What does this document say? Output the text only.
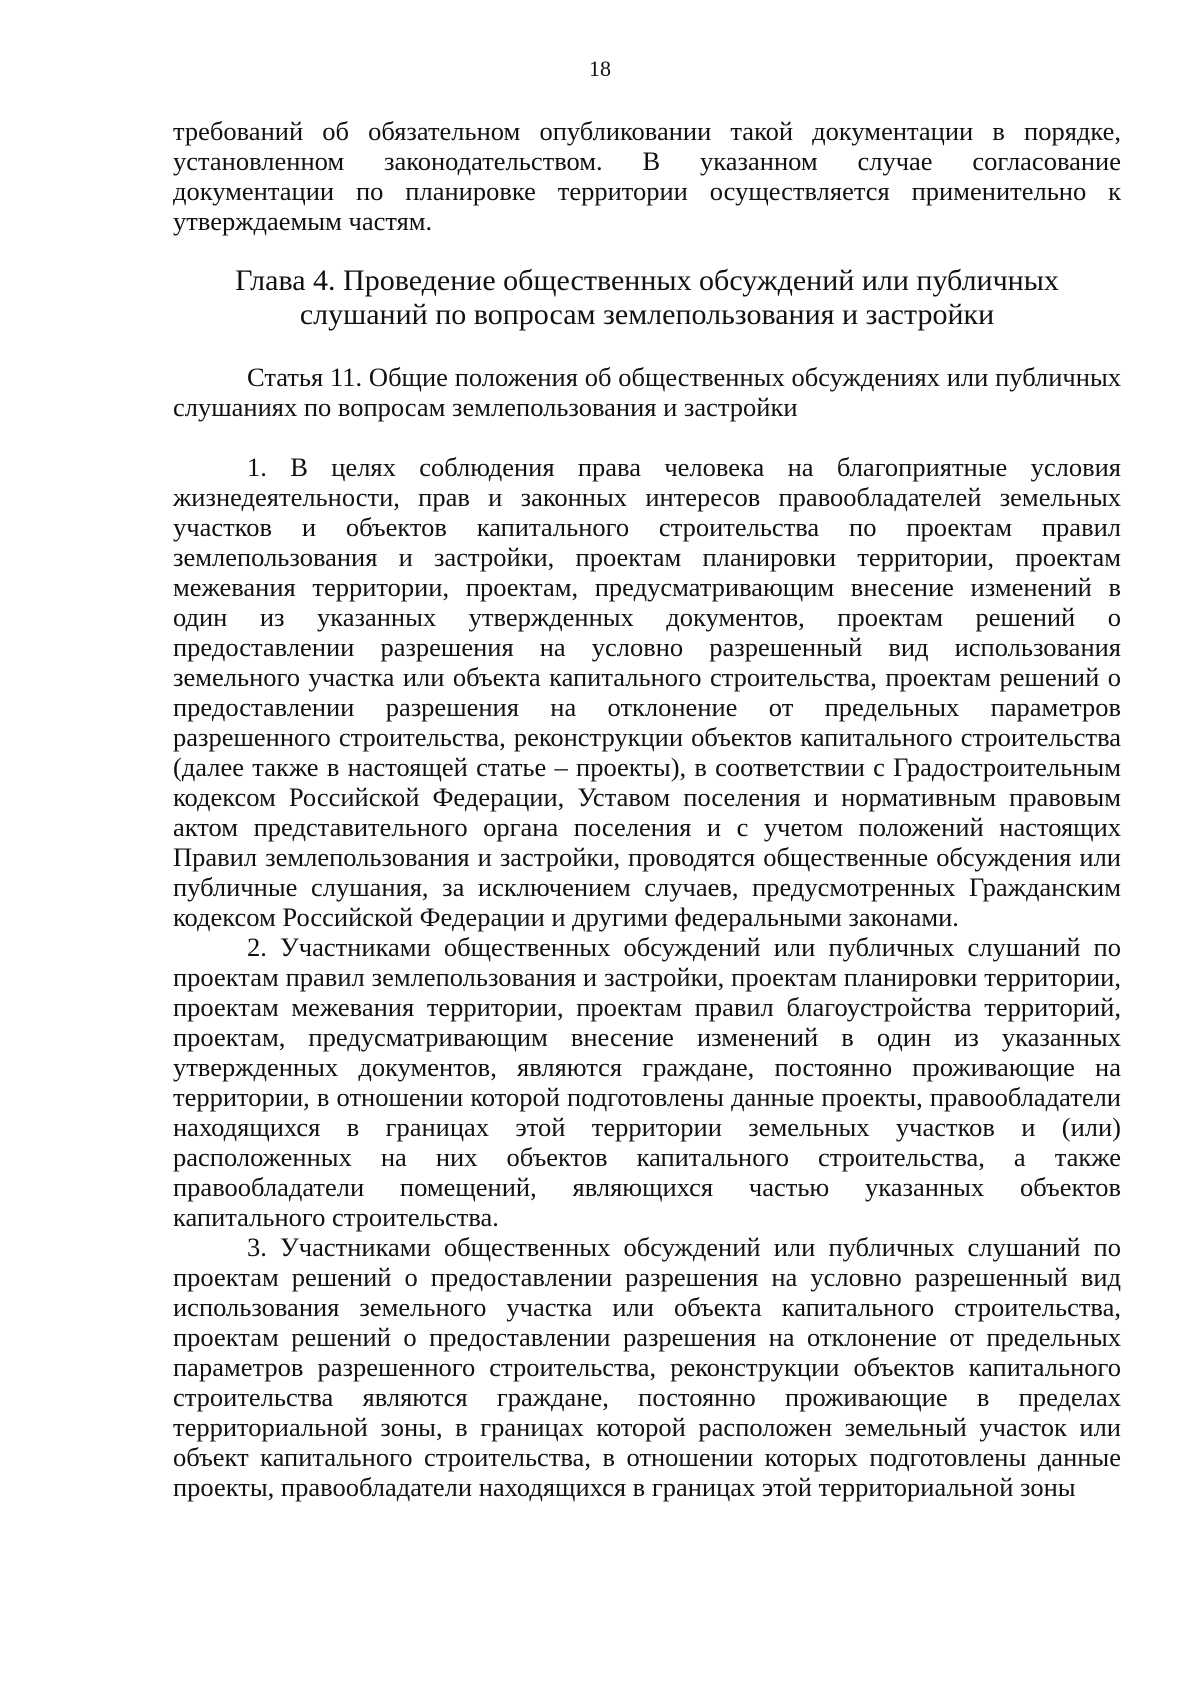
18

требований об обязательном опубликовании такой документации в порядке, установленном законодательством. В указанном случае согласование документации по планировке территории осуществляется применительно к утверждаемым частям.

Глава 4. Проведение общественных обсуждений или публичных
слушаний по вопросам землепользования и застройки

Статья 11. Общие положения об общественных обсуждениях или публичных слушаниях по вопросам землепользования и застройки

1. В целях соблюдения права человека на благоприятные условия жизнедеятельности, прав и законных интересов правообладателей земельных участков и объектов капитального строительства по проектам правил землепользования и застройки, проектам планировки территории, проектам межевания территории, проектам, предусматривающим внесение изменений в один из указанных утвержденных документов, проектам решений о предоставлении разрешения на условно разрешенный вид использования земельного участка или объекта капитального строительства, проектам решений о предоставлении разрешения на отклонение от предельных параметров разрешенного строительства, реконструкции объектов капитального строительства (далее также в настоящей статье – проекты), в соответствии с Градостроительным кодексом Российской Федерации, Уставом поселения и нормативным правовым актом представительного органа поселения и с учетом положений настоящих Правил землепользования и застройки, проводятся общественные обсуждения или публичные слушания, за исключением случаев, предусмотренных Гражданским кодексом Российской Федерации и другими федеральными законами.

2. Участниками общественных обсуждений или публичных слушаний по проектам правил землепользования и застройки, проектам планировки территории, проектам межевания территории, проектам правил благоустройства территорий, проектам, предусматривающим внесение изменений в один из указанных утвержденных документов, являются граждане, постоянно проживающие на территории, в отношении которой подготовлены данные проекты, правообладатели находящихся в границах этой территории земельных участков и (или) расположенных на них объектов капитального строительства, а также правообладатели помещений, являющихся частью указанных объектов капитального строительства.

3. Участниками общественных обсуждений или публичных слушаний по проектам решений о предоставлении разрешения на условно разрешенный вид использования земельного участка или объекта капитального строительства, проектам решений о предоставлении разрешения на отклонение от предельных параметров разрешенного строительства, реконструкции объектов капитального строительства являются граждане, постоянно проживающие в пределах территориальной зоны, в границах которой расположен земельный участок или объект капитального строительства, в отношении которых подготовлены данные проекты, правообладатели находящихся в границах этой территориальной зоны
